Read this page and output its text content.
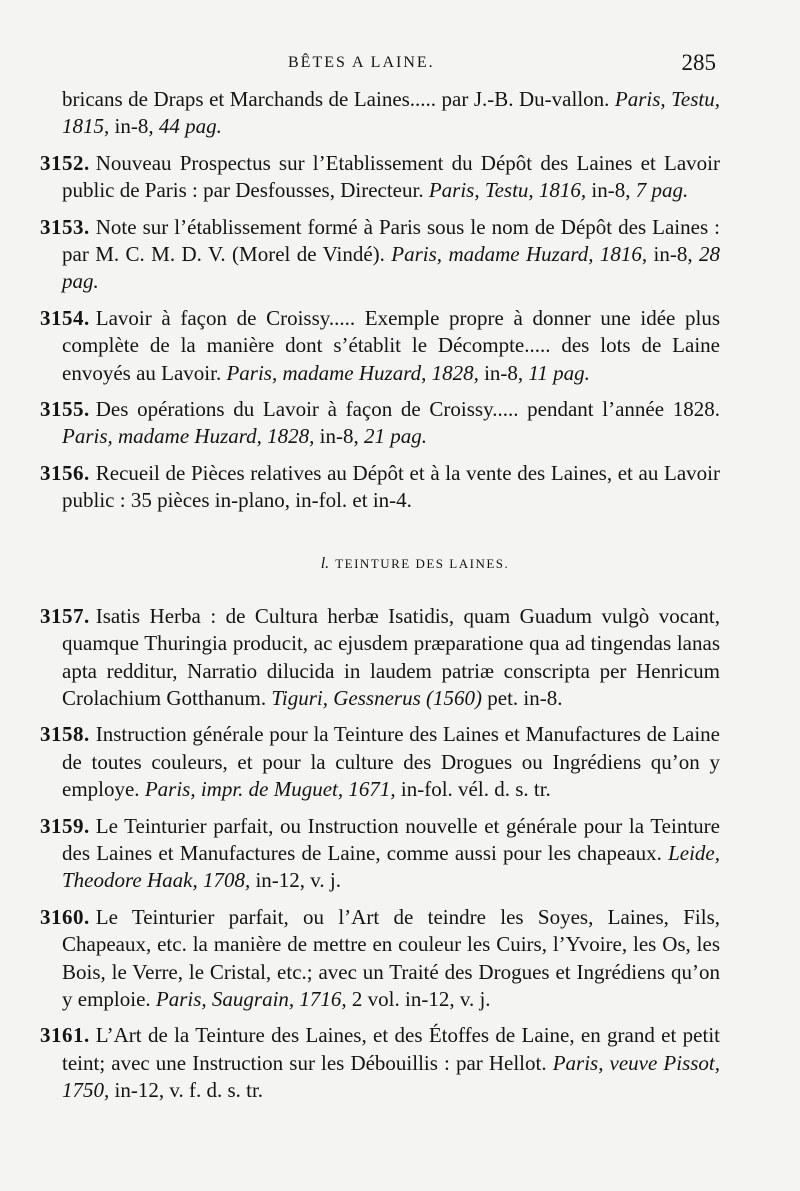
BÊTES A LAINE.	285
bricans de Draps et Marchands de Laines..... par J.-B. Du-vallon. Paris, Testu, 1815, in-8, 44 pag.
3152. Nouveau Prospectus sur l’Etablissement du Dépôt des Laines et Lavoir public de Paris : par Desfousses, Directeur. Paris, Testu, 1816, in-8, 7 pag.
3153. Note sur l’établissement formé à Paris sous le nom de Dépôt des Laines : par M. C. M. D. V. (Morel de Vindé). Paris, madame Huzard, 1816, in-8, 28 pag.
3154. Lavoir à façon de Croissy..... Exemple propre à donner une idée plus complète de la manière dont s’établit le Décompte..... des lots de Laine envoyés au Lavoir. Paris, madame Huzard, 1828, in-8, 11 pag.
3155. Des opérations du Lavoir à façon de Croissy..... pendant l’année 1828. Paris, madame Huzard, 1828, in-8, 21 pag.
3156. Recueil de Pièces relatives au Dépôt et à la vente des Laines, et au Lavoir public : 35 pièces in-plano, in-fol. et in-4.
l. TEINTURE DES LAINES.
3157. Isatis Herba : de Cultura herbæ Isatidis, quam Guadum vulgò vocant, quamque Thuringia producit, ac ejusdem præparatione qua ad tingendas lanas apta redditur, Narratio dilucida in laudem patriæ conscripta per Henricum Crolachium Gotthanum. Tiguri, Gessnerus (1560) pet. in-8.
3158. Instruction générale pour la Teinture des Laines et Manufactures de Laine de toutes couleurs, et pour la culture des Drogues ou Ingrédiens qu’on y employe. Paris, impr. de Muguet, 1671, in-fol. vél. d. s. tr.
3159. Le Teinturier parfait, ou Instruction nouvelle et générale pour la Teinture des Laines et Manufactures de Laine, comme aussi pour les chapeaux. Leide, Theodore Haak, 1708, in-12, v. j.
3160. Le Teinturier parfait, ou l’Art de teindre les Soyes, Laines, Fils, Chapeaux, etc. la manière de mettre en couleur les Cuirs, l’Yvoire, les Os, les Bois, le Verre, le Cristal, etc.; avec un Traité des Drogues et Ingrédiens qu’on y emploie. Paris, Saugrain, 1716, 2 vol. in-12, v. j.
3161. L’Art de la Teinture des Laines, et des Étoffes de Laine, en grand et petit teint; avec une Instruction sur les Débouillis : par Hellot. Paris, veuve Pissot, 1750, in-12, v. f. d. s. tr.
